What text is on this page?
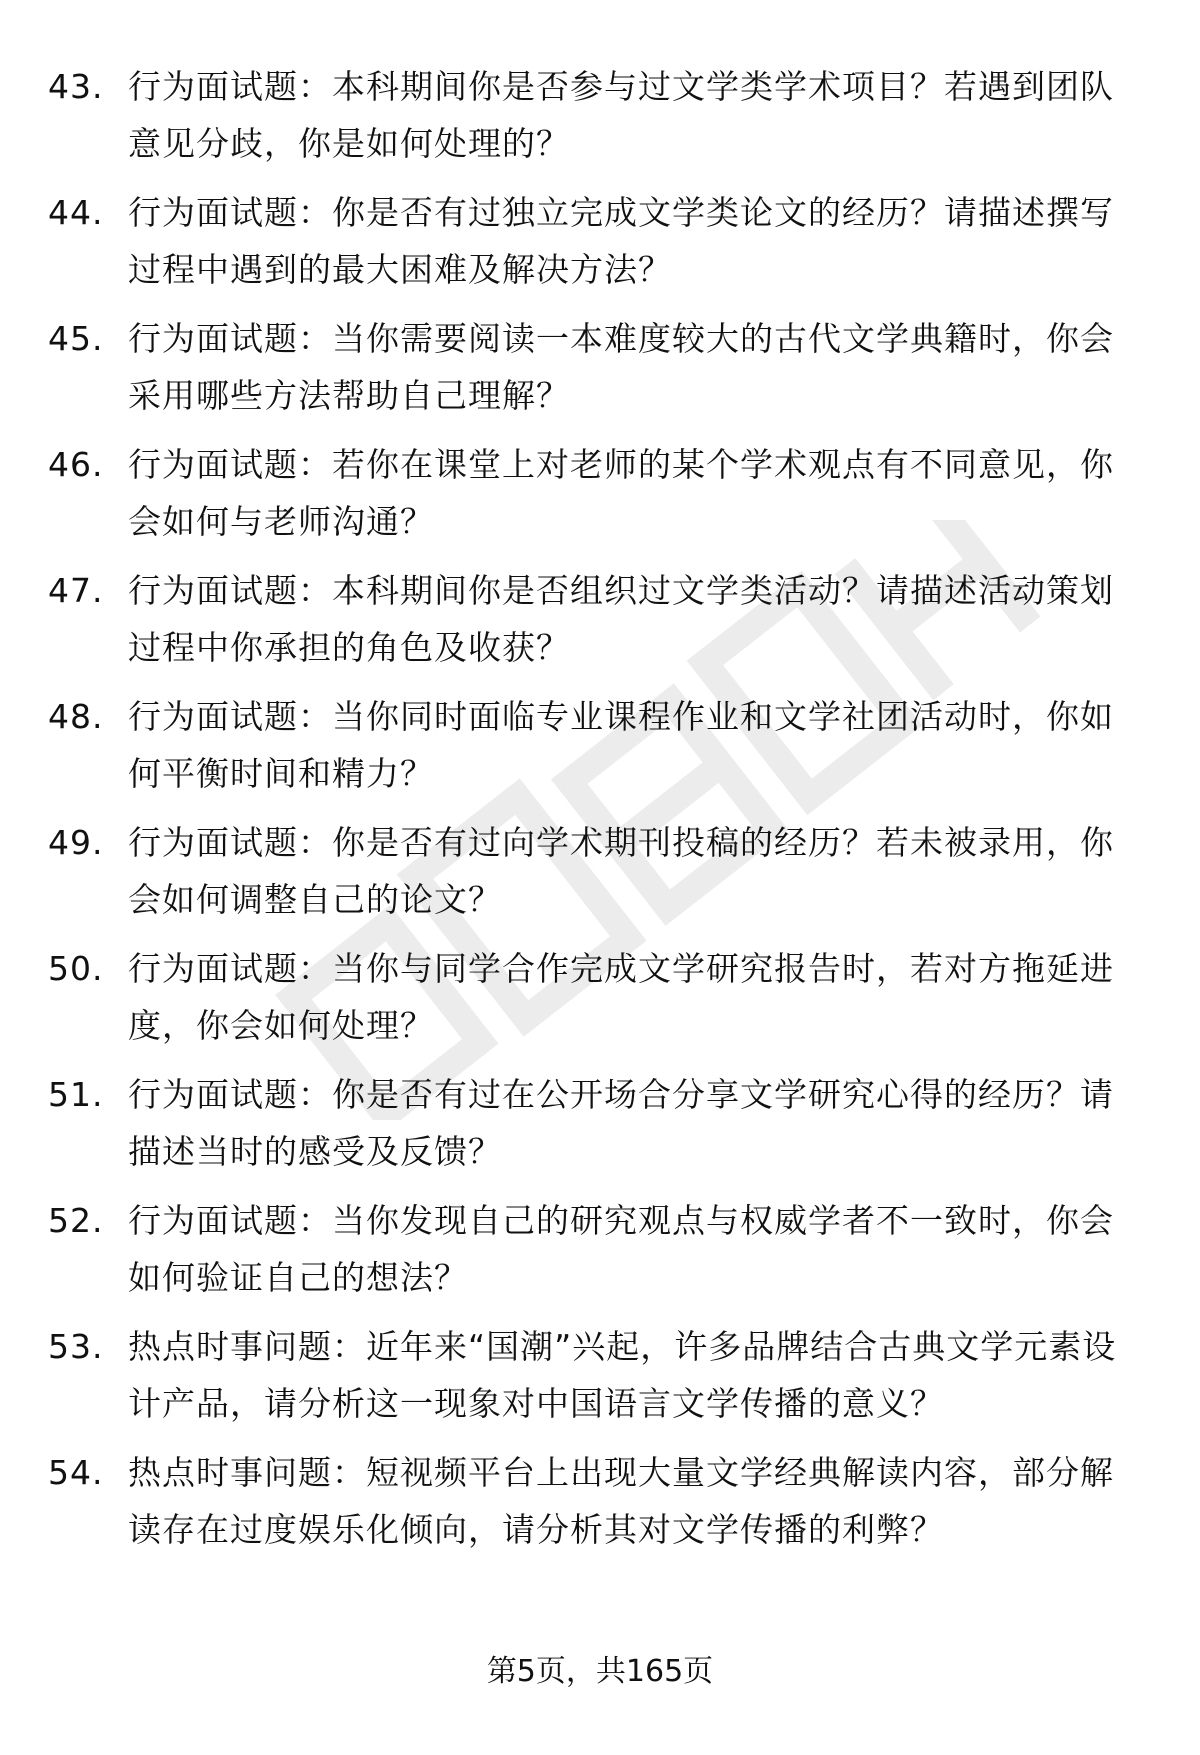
43. 行为面试题：本科期间你是否参与过文学类学术项目？若遇到团队意见分歧，你是如何处理的？
44. 行为面试题：你是否有过独立完成文学类论文的经历？请描述撰写过程中遇到的最大困难及解决方法？
45. 行为面试题：当你需要阅读一本难度较大的古代文学典籍时，你会采用哪些方法帮助自己理解？
46. 行为面试题：若你在课堂上对老师的某个学术观点有不同意见，你会如何与老师沟通？
47. 行为面试题：本科期间你是否组织过文学类活动？请描述活动策划过程中你承担的角色及收获？
48. 行为面试题：当你同时面临专业课程作业和文学社团活动时，你如何平衡时间和精力？
49. 行为面试题：你是否有过向学术期刊投稿的经历？若未被录用，你会如何调整自己的论文？
50. 行为面试题：当你与同学合作完成文学研究报告时，若对方拖延进度，你会如何处理？
51. 行为面试题：你是否有过在公开场合分享文学研究心得的经历？请描述当时的感受及反馈？
52. 行为面试题：当你发现自己的研究观点与权威学者不一致时，你会如何验证自己的想法？
53. 热点时事问题：近年来“国潮”兴起，许多品牌结合古典文学元素设计产品，请分析这一现象对中国语言文学传播的意义？
54. 热点时事问题：短视频平台上出现大量文学经典解读内容，部分解读存在过度娱乐化倾向，请分析其对文学传播的利弊？
第5页，共165页
